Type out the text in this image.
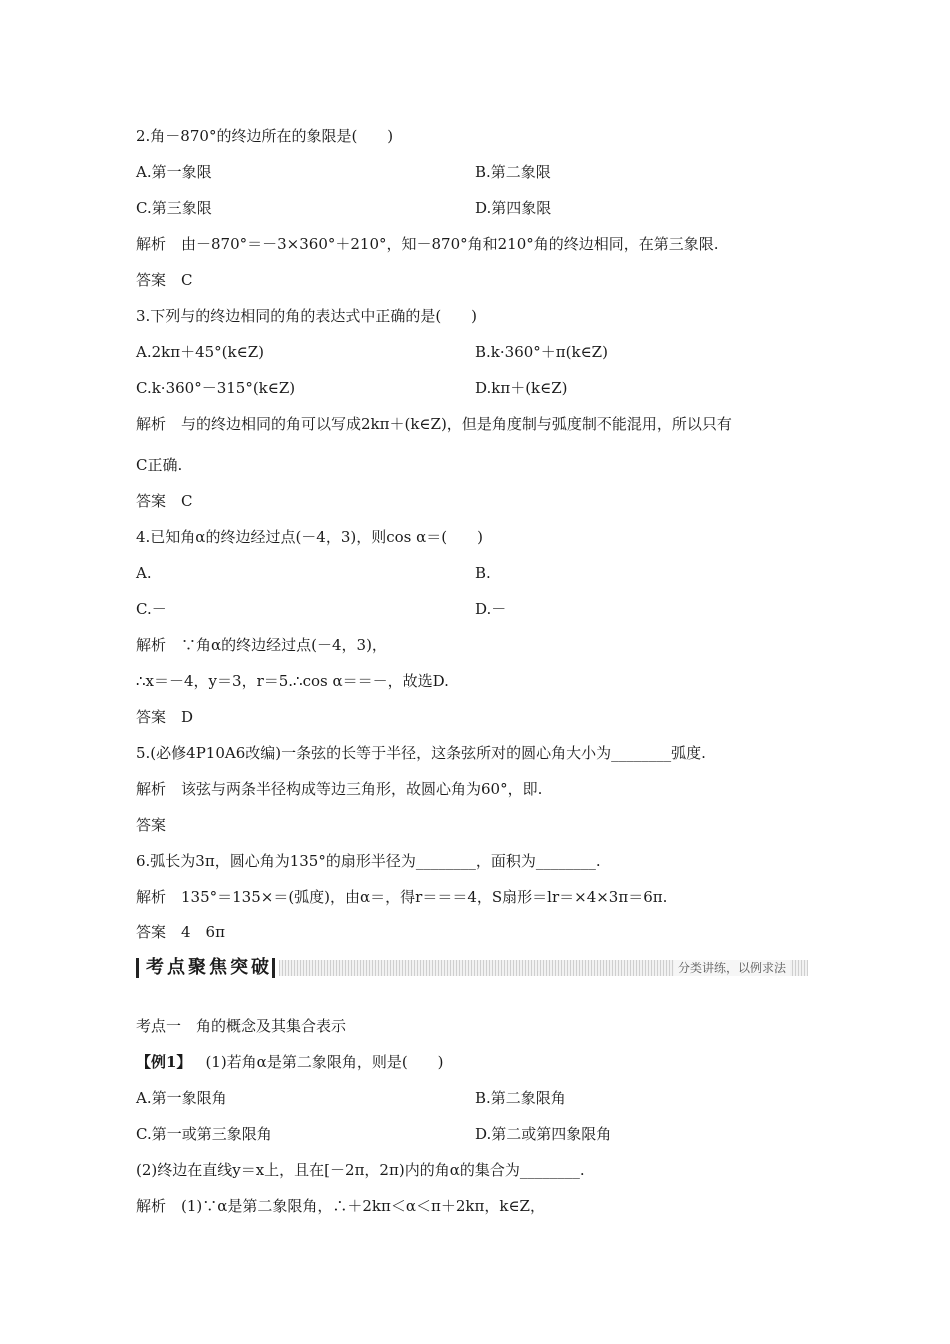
2.角－870°的终边所在的象限是(　　)
A.第一象限	B.第二象限
C.第三象限	D.第四象限
解析　由－870°＝－3×360°＋210°，知－870°角和210°角的终边相同，在第三象限.
答案　C
3.下列与的终边相同的角的表达式中正确的是(　　)
A.2kπ＋45°(k∈Z)	B.k·360°＋π(k∈Z)
C.k·360°－315°(k∈Z)	D.kπ＋(k∈Z)
解析　与的终边相同的角可以写成2kπ＋(k∈Z)，但是角度制与弧度制不能混用，所以只有
C正确.
答案　C
4.已知角α的终边经过点(－4，3)，则cos α＝(　　)
A.	B.
C.－	D.－
解析　∵角α的终边经过点(－4，3)，
∴x＝－4，y＝3，r＝5.∴cos α＝＝－，故选D.
答案　D
5.(必修4P10A6改编)一条弦的长等于半径，这条弦所对的圆心角大小为________弧度.
解析　该弦与两条半径构成等边三角形，故圆心角为60°，即.
答案
6.弧长为3π，圆心角为135°的扇形半径为________，面积为________.
解析　135°＝135×＝(弧度)，由α＝，得r＝＝＝4，S扇形＝lr＝×4×3π＝6π.
答案　4　6π
考点聚焦突破	分类讲练，以例求法
考点一　角的概念及其集合表示
【例1】 (1)若角α是第二象限角，则是(　　)
A.第一象限角	B.第二象限角
C.第一或第三象限角	D.第二或第四象限角
(2)终边在直线y＝x上，且在[－2π，2π)内的角α的集合为________.
解析　(1)∵α是第二象限角，∴＋2kπ＜α＜π＋2kπ，k∈Z，
